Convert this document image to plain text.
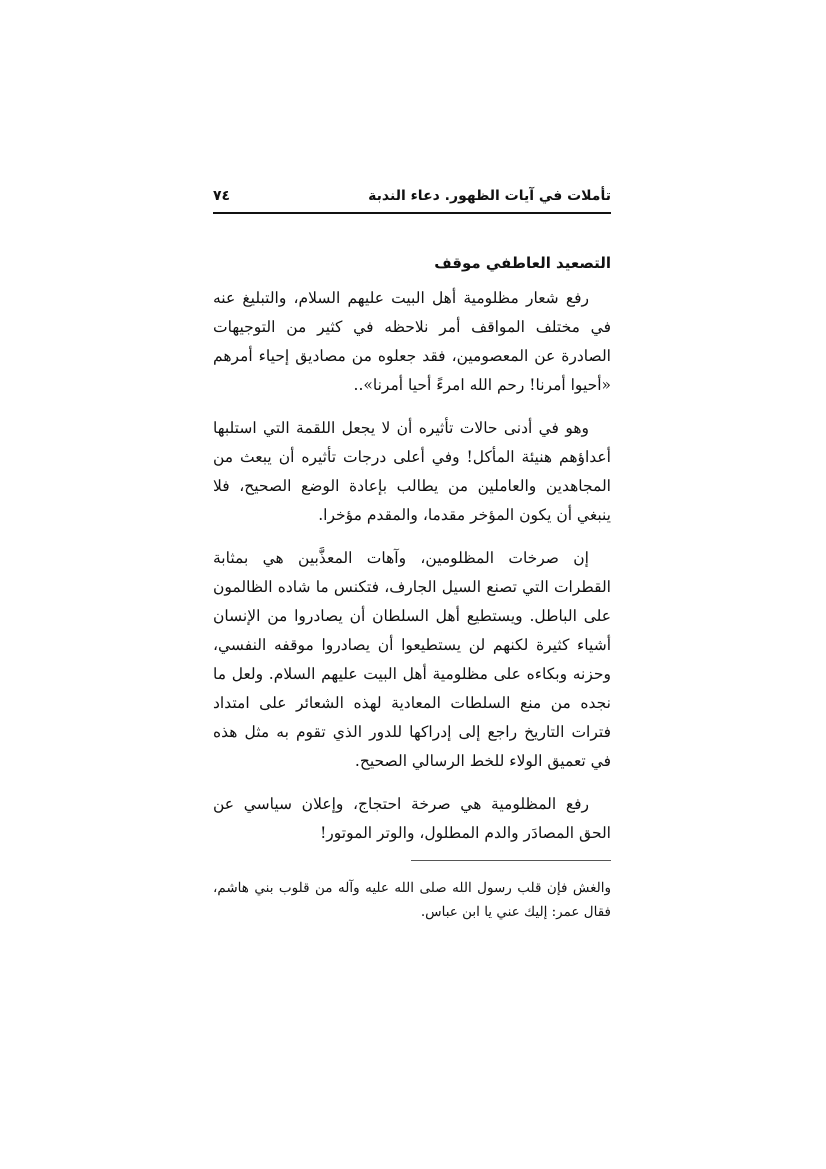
تأملات في آيات الظهور. دعاء الندبة
٧٤
التصعيد العاطفي موقف

رفع شعار مظلومية أهل البيت عليهم السلام، والتبليغ عنه في مختلف المواقف أمر نلاحظه في كثير من التوجيهات الصادرة عن المعصومين، فقد جعلوه من مصاديق إحياء أمرهم «أحيوا أمرنا! رحم الله امرءً أحيا أمرنا»..

وهو في أدنى حالات تأثيره أن لا يجعل اللقمة التي استلبها أعداؤهم هنيئة المأكل! وفي أعلى درجات تأثيره أن يبعث من المجاهدين والعاملين من يطالب بإعادة الوضع الصحيح، فلا ينبغي أن يكون المؤخر مقدما، والمقدم مؤخرا.

إن صرخات المظلومين، وآهات المعذَّبين هي بمثابة القطرات التي تصنع السيل الجارف، فتكنس ما شاده الظالمون على الباطل. ويستطيع أهل السلطان أن يصادروا من الإنسان أشياء كثيرة لكنهم لن يستطيعوا أن يصادروا موقفه النفسي، وحزنه وبكاءه على مظلومية أهل البيت عليهم السلام. ولعل ما نجده من منع السلطات المعادية لهذه الشعائر على امتداد فترات التاريخ راجع إلى إدراكها للدور الذي تقوم به مثل هذه في تعميق الولاء للخط الرسالي الصحيح.

رفع المظلومية هي صرخة احتجاج، وإعلان سياسي عن الحق المصادَر والدم المطلول، والوتر الموتور!

والغش فإن قلب رسول الله صلى الله عليه وآله من قلوب بني هاشم، فقال عمر: إليك عني يا ابن عباس.
